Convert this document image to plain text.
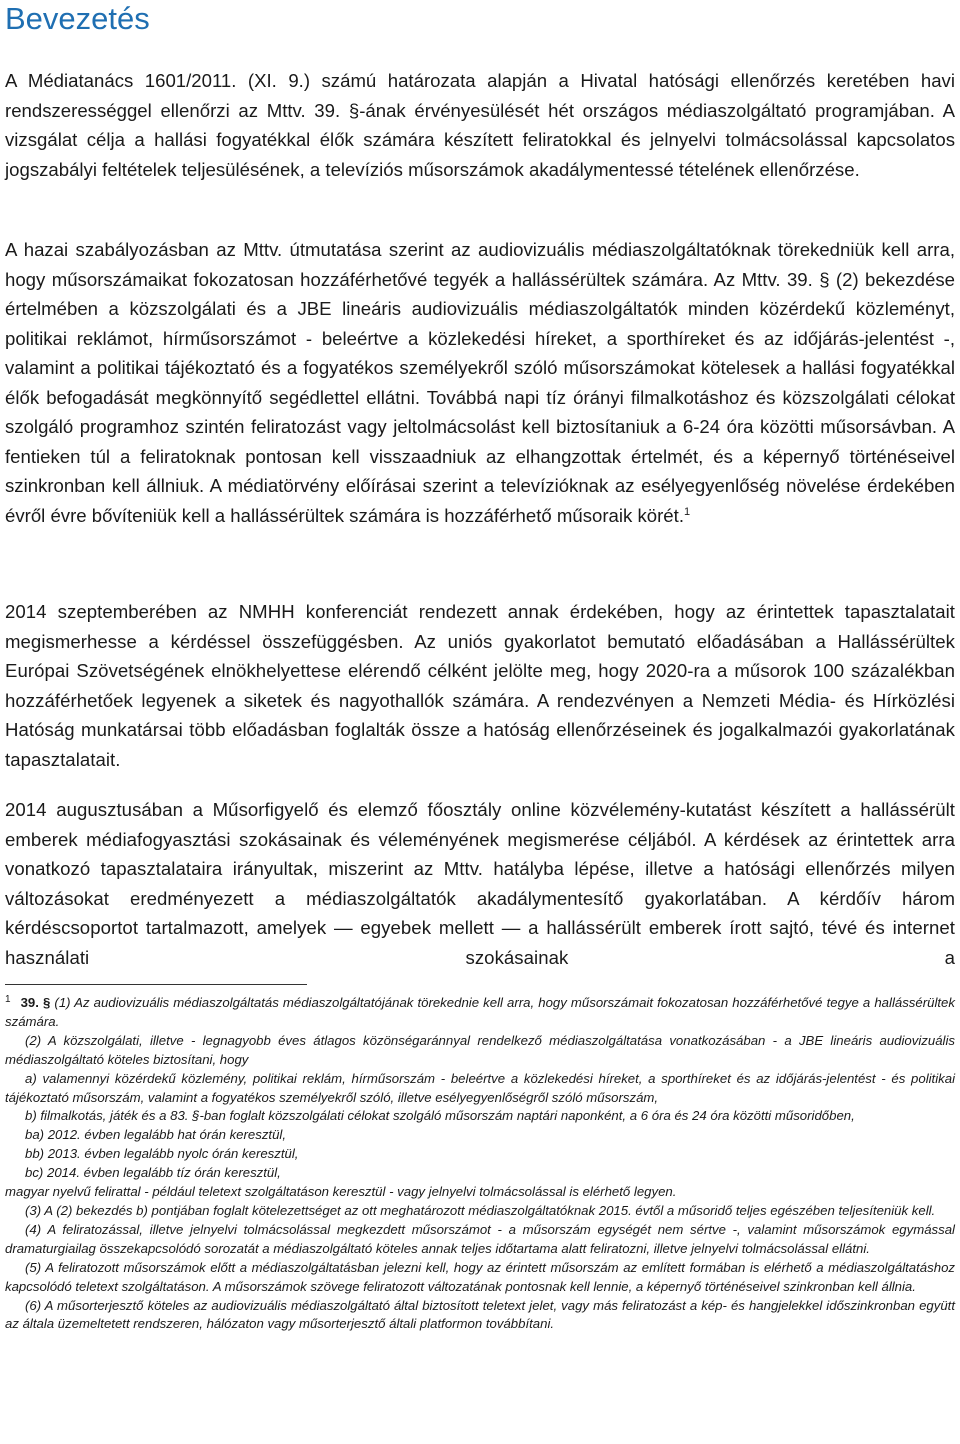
Bevezetés

A Médiatanács 1601/2011. (XI. 9.) számú határozata alapján a Hivatal hatósági ellenőrzés keretében havi rendszerességgel ellenőrzi az Mttv. 39. §-ának érvényesülését hét országos médiaszolgáltató programjában. A vizsgálat célja a hallási fogyatékkal élők számára készített feliratokkal és jelnyelvi tolmácsolással kapcsolatos jogszabályi feltételek teljesülésének, a televíziós műsorszámok akadálymentessé tételének ellenőrzése.

A hazai szabályozásban az Mttv. útmutatása szerint az audiovizuális médiaszolgáltatóknak törekedniük kell arra, hogy műsorszámaikat fokozatosan hozzáférhetővé tegyék a hallássérültek számára. Az Mttv. 39. § (2) bekezdése értelmében a közszolgálati és a JBE lineáris audiovizuális médiaszolgáltatók minden közérdekű közleményt, politikai reklámot, hírműsorszámot - beleértve a közlekedési híreket, a sporthíreket és az időjárás-jelentést -, valamint a politikai tájékoztató és a fogyatékos személyekről szóló műsorszámokat kötelesek a hallási fogyatékkal élők befogadását megkönnyítő segédlettel ellátni. Továbbá napi tíz órányi filmalkotáshoz és közszolgálati célokat szolgáló programhoz szintén feliratozást vagy jeltolmácsolást kell biztosítaniuk a 6-24 óra közötti műsorsávban. A fentieken túl a feliratoknak pontosan kell visszaadniuk az elhangzottak értelmét, és a képernyő történéseivel szinkronban kell állniuk. A médiatörvény előírásai szerint a televízióknak az esélyegyenlőség növelése érdekében évről évre bővíteniük kell a hallássérültek számára is hozzáférhető műsoraik körét.$^1$

2014 szeptemberében az NMHH konferenciát rendezett annak érdekében, hogy az érintettek tapasztalatait megismerhesse a kérdéssel összefüggésben. Az uniós gyakorlatot bemutató előadásában a Hallássérültek Európai Szövetségének elnökhelyettese elérendő célként jelölte meg, hogy 2020-ra a műsorok 100 százalékban hozzáférhetőek legyenek a siketek és nagyothallók számára. A rendezvényen a Nemzeti Média- és Hírközlési Hatóság munkatársai több előadásban foglalták össze a hatóság ellenőrzéseinek és jogalkalmazói gyakorlatának tapasztalatait.

2014 augusztusában a Műsorfigyelő és elemző főosztály online közvélemény-kutatást készített a hallássérült emberek médiafogyasztási szokásainak és véleményének megismerése céljából. A kérdések az érintettek arra vonatkozó tapasztalataira irányultak, miszerint az Mttv. hatályba lépése, illetve a hatósági ellenőrzés milyen változásokat eredményezett a médiaszolgáltatók akadálymentesítő gyakorlatában. A kérdőív három kérdéscsoportot tartalmazott, amelyek — egyebek mellett — a hallássérült emberek írott sajtó, tévé és internet használati szokásainak a

$^1$ 39. § (1) Az audiovizuális médiaszolgáltatás médiaszolgáltatójának törekednie kell arra, hogy műsorszámait fokozatosan hozzáférhetővé tegye a hallássérültek számára.

(2) A közszolgálati, illetve - legnagyobb éves átlagos közönségaránnyal rendelkező médiaszolgáltatása vonatkozásában - a JBE lineáris audiovizuális médiaszolgáltató köteles biztosítani, hogy

a) valamennyi közérdekű közlemény, politikai reklám, hírműsorszám - beleértve a közlekedési híreket, a sporthíreket és az időjárás-jelentést - és politikai tájékoztató műsorszám, valamint a fogyatékos személyekről szóló, illetve esélyegyenlőségről szóló műsorszám,

b) filmalkotás, játék és a 83. §-ban foglalt közszolgálati célokat szolgáló műsorszám naptári naponként, a 6 óra és 24 óra közötti műsoridőben,

ba) 2012. évben legalább hat órán keresztül,

bb) 2013. évben legalább nyolc órán keresztül,

bc) 2014. évben legalább tíz órán keresztül,

magyar nyelvű felirattal - például teletext szolgáltatáson keresztül - vagy jelnyelvi tolmácsolással is elérhető legyen.

(3) A (2) bekezdés b) pontjában foglalt kötelezettséget az ott meghatározott médiaszolgáltatóknak 2015. évtől a műsoridő teljes egészében teljesíteniük kell.

(4) A feliratozással, illetve jelnyelvi tolmácsolással megkezdett műsorszámot - a műsorszám egységét nem sértve -, valamint műsorszámok egymással dramaturgiailag összekapcsolódó sorozatát a médiaszolgáltató köteles annak teljes időtartama alatt feliratozni, illetve jelnyelvi tolmácsolással ellátni.

(5) A feliratozott műsorszámok előtt a médiaszolgáltatásban jelezni kell, hogy az érintett műsorszám az említett formában is elérhető a médiaszolgáltatáshoz kapcsolódó teletext szolgáltatáson. A műsorszámok szövege feliratozott változatának pontosnak kell lennie, a képernyő történéseivel szinkronban kell állnia.

(6) A műsorterjesztő köteles az audiovizuális médiaszolgáltató által biztosított teletext jelet, vagy más feliratozást a kép- és hangjelekkel időszinkronban együtt az általa üzemeltetett rendszeren, hálózaton vagy műsorterjesztő általi platformon továbbítani.
